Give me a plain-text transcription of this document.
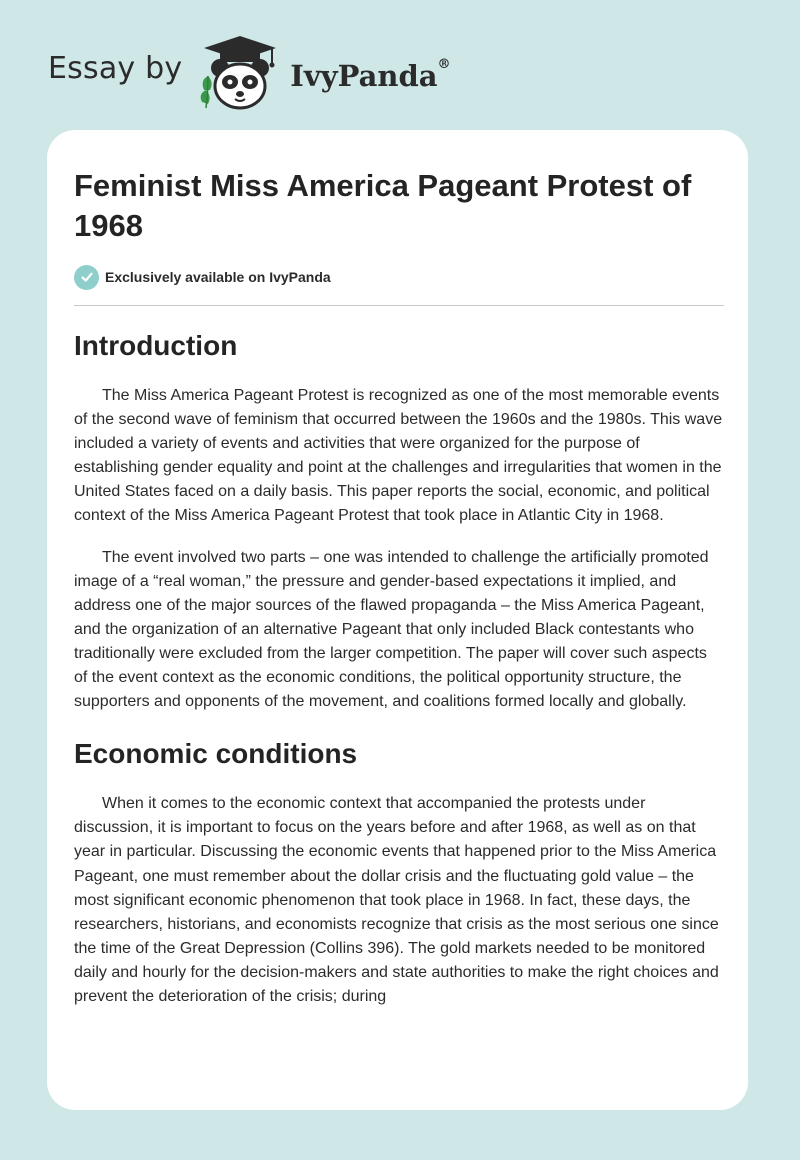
Essay by	IvyPanda®
Feminist Miss America Pageant Protest of 1968
Exclusively available on IvyPanda
Introduction

The Miss America Pageant Protest is recognized as one of the most memorable events of the second wave of feminism that occurred between the 1960s and the 1980s. This wave included a variety of events and activities that were organized for the purpose of establishing gender equality and point at the challenges and irregularities that women in the United States faced on a daily basis. This paper reports the social, economic, and political context of the Miss America Pageant Protest that took place in Atlantic City in 1968.

The event involved two parts – one was intended to challenge the artificially promoted image of a “real woman,” the pressure and gender-based expectations it implied, and address one of the major sources of the flawed propaganda – the Miss America Pageant, and the organization of an alternative Pageant that only included Black contestants who traditionally were excluded from the larger competition. The paper will cover such aspects of the event context as the economic conditions, the political opportunity structure, the supporters and opponents of the movement, and coalitions formed locally and globally.

Economic conditions

When it comes to the economic context that accompanied the protests under discussion, it is important to focus on the years before and after 1968, as well as on that year in particular. Discussing the economic events that happened prior to the Miss America Pageant, one must remember about the dollar crisis and the fluctuating gold value – the most significant economic phenomenon that took place in 1968. In fact, these days, the researchers, historians, and economists recognize that crisis as the most serious one since the time of the Great Depression (Collins 396). The gold markets needed to be monitored daily and hourly for the decision-makers and state authorities to make the right choices and prevent the deterioration of the crisis; during
